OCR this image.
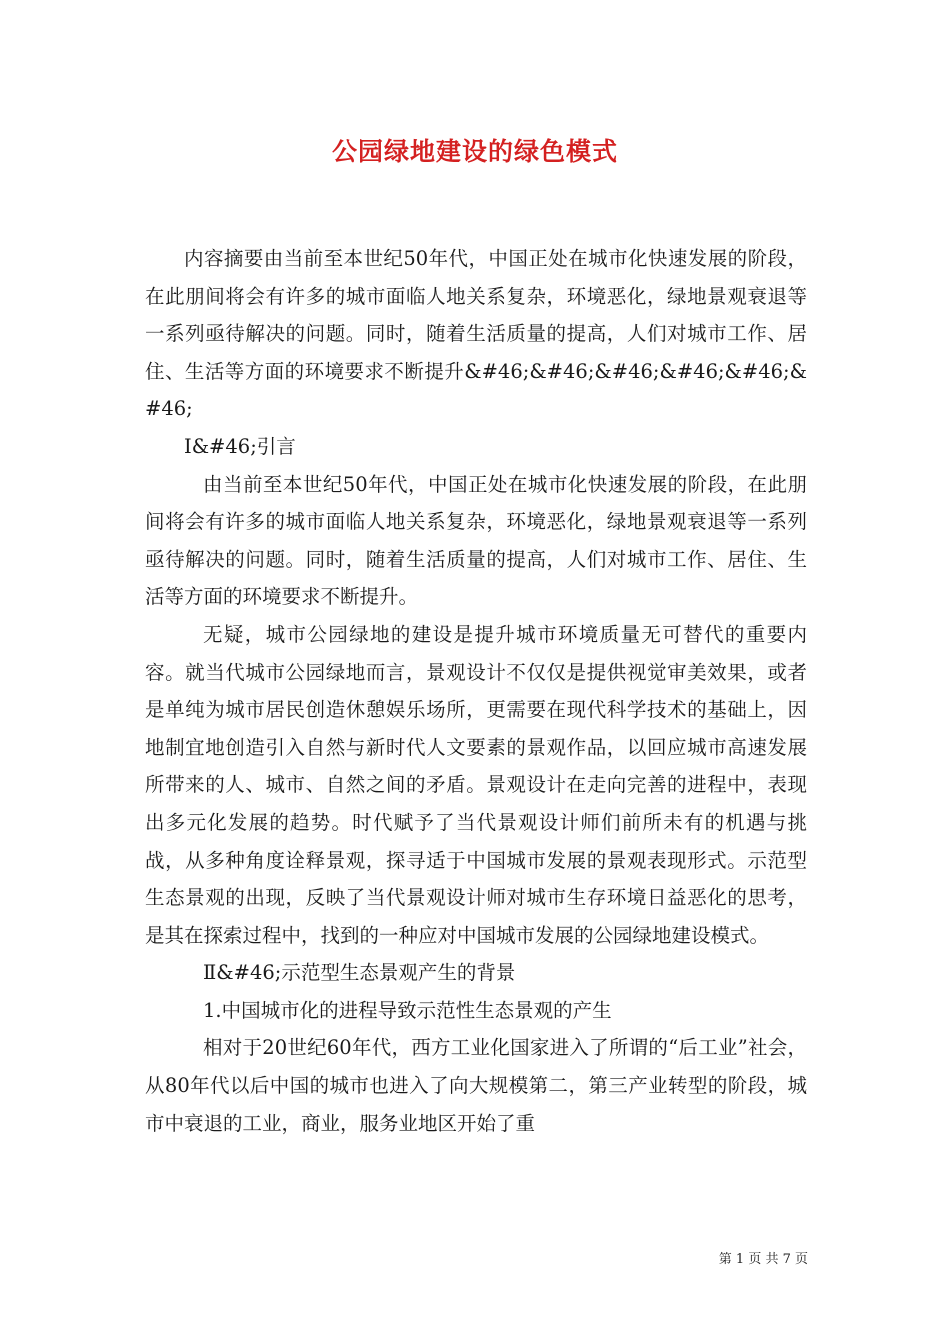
公园绿地建设的绿色模式

内容摘要由当前至本世纪50年代，中国正处在城市化快速发展的阶段，在此朋间将会有许多的城市面临人地关系复杂，环境恶化，绿地景观衰退等一系列亟待解决的问题。同时，随着生活质量的提高，人们对城市工作、居住、生活等方面的环境要求不断提升&#46;&#46;&#46;&#46;&#46;&#46;

Ⅰ&#46;引言

由当前至本世纪50年代，中国正处在城市化快速发展的阶段，在此朋间将会有许多的城市面临人地关系复杂，环境恶化，绿地景观衰退等一系列亟待解决的问题。同时，随着生活质量的提高，人们对城市工作、居住、生活等方面的环境要求不断提升。

无疑，城市公园绿地的建设是提升城市环境质量无可替代的重要内容。就当代城市公园绿地而言，景观设计不仅仅是提供视觉审美效果，或者是单纯为城市居民创造休憩娱乐场所，更需要在现代科学技术的基础上，因地制宜地创造引入自然与新时代人文要素的景观作品，以回应城市高速发展所带来的人、城市、自然之间的矛盾。景观设计在走向完善的进程中，表现出多元化发展的趋势。时代赋予了当代景观设计师们前所未有的机遇与挑战，从多种角度诠释景观，探寻适于中国城市发展的景观表现形式。示范型生态景观的出现，反映了当代景观设计师对城市生存环境日益恶化的思考，是其在探索过程中，找到的一种应对中国城市发展的公园绿地建设模式。

Ⅱ&#46;示范型生态景观产生的背景

1.中国城市化的进程导致示范性生态景观的产生

相对于20世纪60年代，西方工业化国家进入了所谓的“后工业”社会，从80年代以后中国的城市也进入了向大规模第二，第三产业转型的阶段，城市中衰退的工业，商业，服务业地区开始了重

第 1 页 共 7 页
